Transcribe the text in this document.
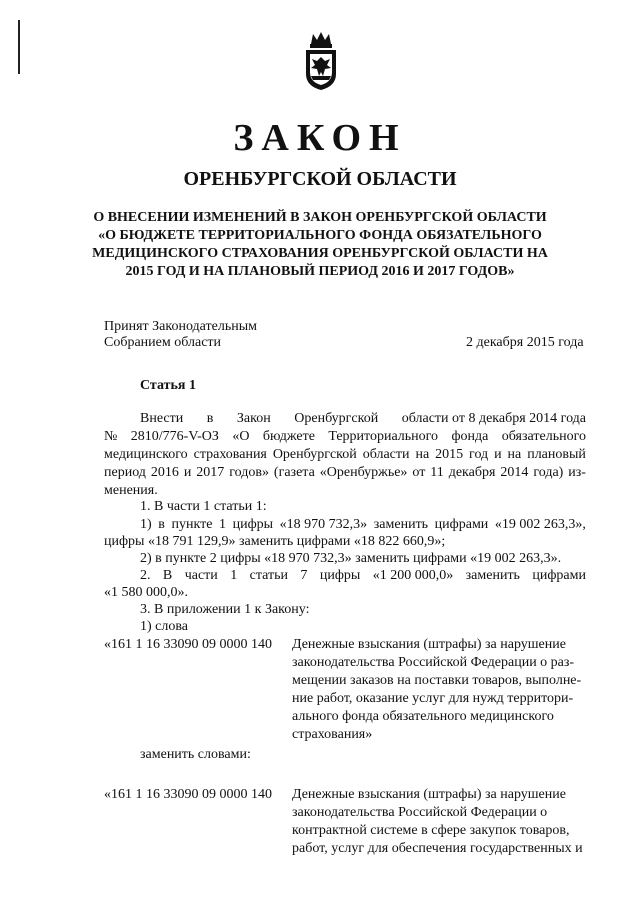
ЗАКОН
ОРЕНБУРГСКОЙ ОБЛАСТИ
О ВНЕСЕНИИ ИЗМЕНЕНИЙ В ЗАКОН ОРЕНБУРГСКОЙ ОБЛАСТИ
«О БЮДЖЕТЕ ТЕРРИТОРИАЛЬНОГО ФОНДА ОБЯЗАТЕЛЬНОГО
МЕДИЦИНСКОГО СТРАХОВАНИЯ ОРЕНБУРГСКОЙ ОБЛАСТИ НА
2015 ГОД И НА ПЛАНОВЫЙ ПЕРИОД 2016 И 2017 ГОДОВ»
Принят Законодательным
Собранием области	2 декабря 2015 года
Статья 1
Внести в Закон Оренбургской области от 8 декабря 2014 года
№ 2810/776-V-ОЗ «О бюджете Территориального фонда обязательного
медицинского страхования Оренбургской области на 2015 год и на плановый
период 2016 и 2017 годов» (газета «Оренбуржье» от 11 декабря 2014 года) из-
менения.
1. В части 1 статьи 1:
1) в пункте 1 цифры «18 970 732,3» заменить цифрами «19 002 263,3»,
цифры «18 791 129,9» заменить цифрами «18 822 660,9»;
2) в пункте 2 цифры «18 970 732,3» заменить цифрами «19 002 263,3».
2. В части 1 статьи 7 цифры «1 200 000,0» заменить цифрами
«1 580 000,0».
3. В приложении 1 к Закону:
1) слова
«161 1 16 33090 09 0000 140 Денежные взыскания (штрафы) за нарушение
законодательства Российской Федерации о раз-
мещении заказов на поставки товаров, выполне-
ние работ, оказание услуг для нужд территори-
ального фонда обязательного медицинского
страхования»
заменить словами:
«161 1 16 33090 09 0000 140 Денежные взыскания (штрафы) за нарушение
законодательства Российской Федерации о
контрактной системе в сфере закупок товаров,
работ, услуг для обеспечения государственных и
